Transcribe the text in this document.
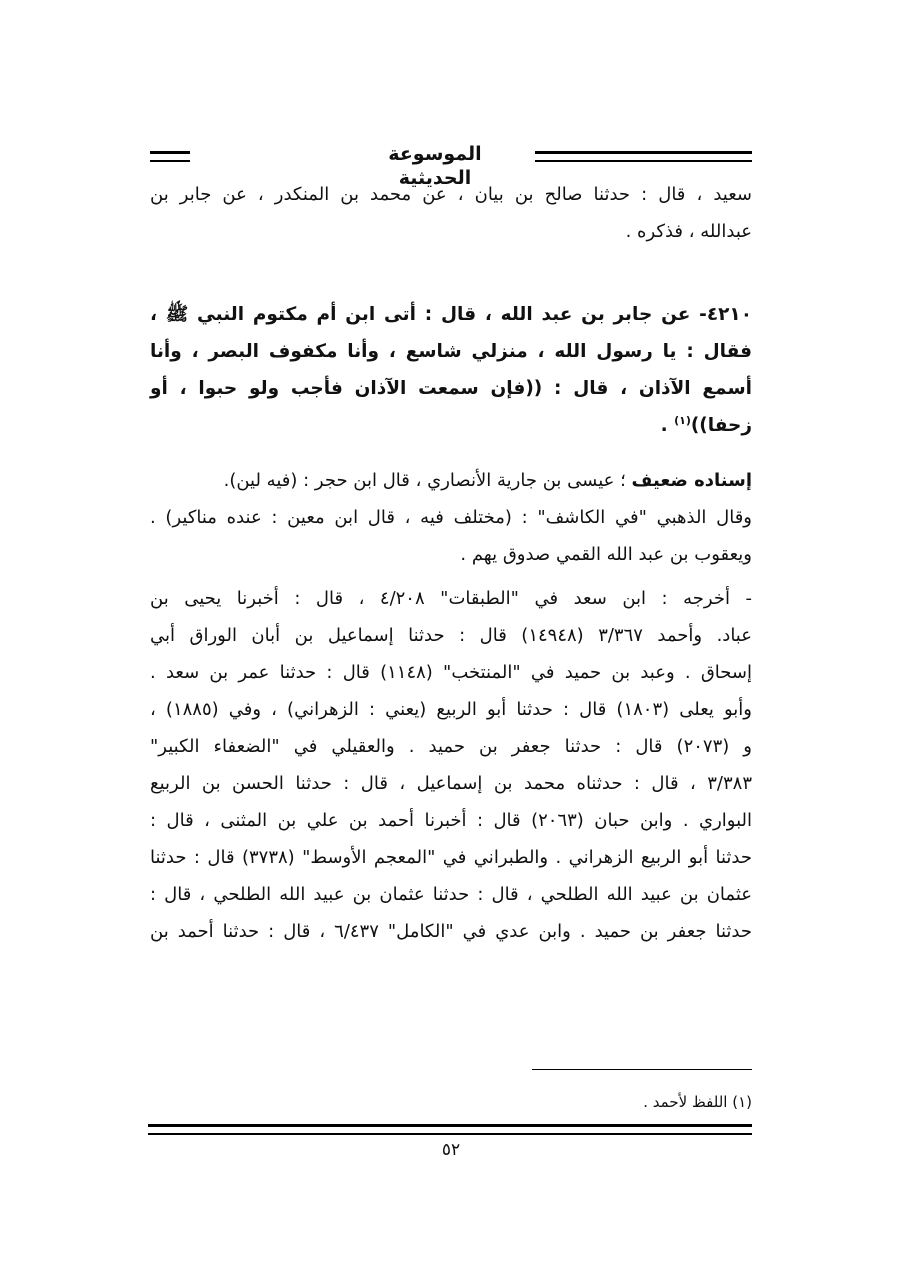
الموسوعة الحديثية
سعيد ، قال : حدثنا صالح بن بيان ، عن محمد بن المنكدر ، عن جابر بن
عبدالله ، فذكره .
٤٢١٠- عن جابر بن عبد الله ، قال : أتى ابن أم مكتوم النبي ﷺ ،
فقال : يا رسول الله ، منزلي شاسع ، وأنا مكفوف البصر ، وأنا
أسمع الآذان ، قال : ((فإن سمعت الآذان فأجب ولو حبوا ، أو
زحفا))$^{(١)}$ .
إسناده ضعيف ؛ عيسى بن جارية الأنصاري ، قال ابن حجر : (فيه لين).
وقال الذهبي "في الكاشف" : (مختلف فيه ، قال ابن معين : عنده مناكير) .
ويعقوب بن عبد الله القمي صدوق يهم .
- أخرجه : ابن سعد في "الطبقات" ٤/٢٠٨ ، قال : أخبرنا يحيى بن
عباد. وأحمد ٣/٣٦٧ (١٤٩٤٨) قال : حدثنا إسماعيل بن أبان الوراق أبي
إسحاق . وعبد بن حميد في "المنتخب" (١١٤٨) قال : حدثنا عمر بن سعد .
وأبو يعلى (١٨٠٣) قال : حدثنا أبو الربيع (يعني : الزهراني) ، وفي (١٨٨٥) ،
و (٢٠٧٣) قال : حدثنا جعفر بن حميد . والعقيلي في "الضعفاء الكبير"
٣/٣٨٣ ، قال : حدثناه محمد بن إسماعيل ، قال : حدثنا الحسن بن الربيع
البواري . وابن حبان (٢٠٦٣) قال : أخبرنا أحمد بن علي بن المثنى ، قال :
حدثنا أبو الربيع الزهراني . والطبراني في "المعجم الأوسط" (٣٧٣٨) قال : حدثنا
عثمان بن عبيد الله الطلحي ، قال : حدثنا عثمان بن عبيد الله الطلحي ، قال :
حدثنا جعفر بن حميد . وابن عدي في "الكامل" ٦/٤٣٧ ، قال : حدثنا أحمد بن
(١) اللفظ لأحمد .
٥٢
